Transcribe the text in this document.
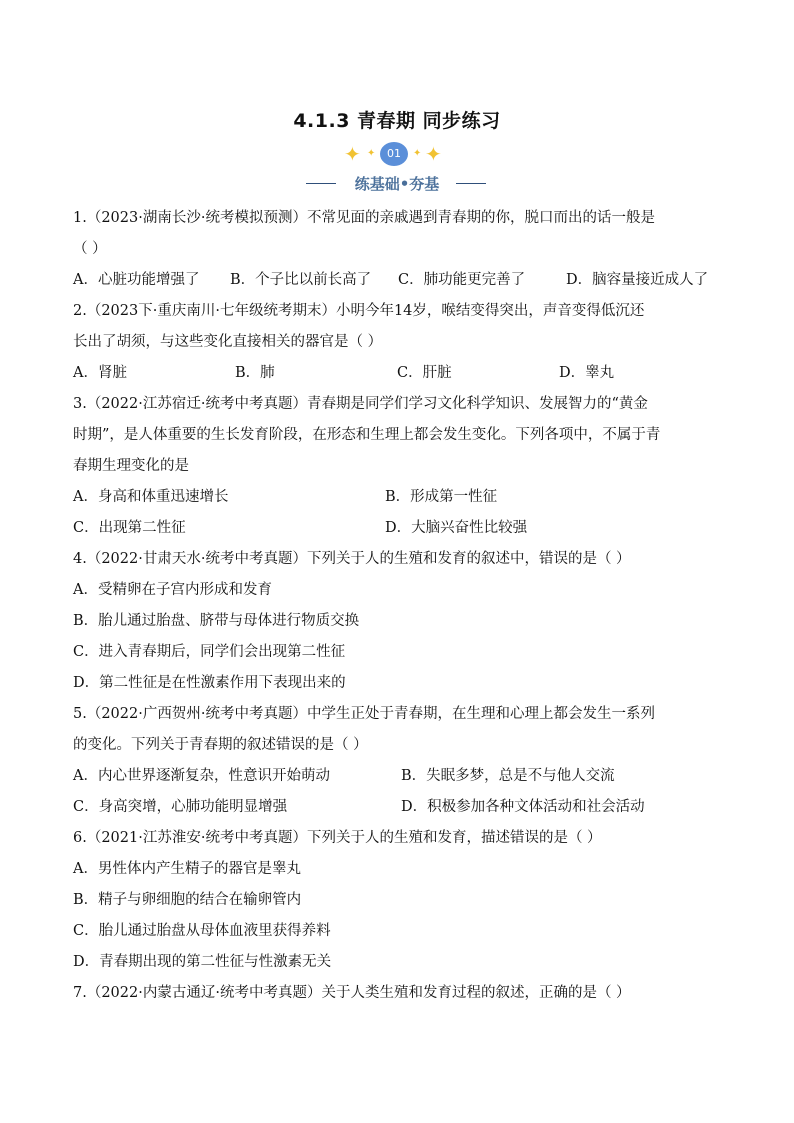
4.1.3 青春期 同步练习
✦ ✦	01	✦ ✦
练基础•夯基
1.（2023·湖南长沙·统考模拟预测）不常见面的亲戚遇到青春期的你，脱口而出的话一般是
（ ）
A．心脏功能增强了	B．个子比以前长高了	C．肺功能更完善了	D．脑容量接近成人了
2.（2023下·重庆南川·七年级统考期末）小明今年14岁，喉结变得突出，声音变得低沉还
长出了胡须，与这些变化直接相关的器官是（ ）
A．肾脏	B．肺	C．肝脏	D．睾丸
3.（2022·江苏宿迁·统考中考真题）青春期是同学们学习文化科学知识、发展智力的“黄金
时期”，是人体重要的生长发育阶段，在形态和生理上都会发生变化。下列各项中，不属于青
春期生理变化的是
A．身高和体重迅速增长	B．形成第一性征
C．出现第二性征	D．大脑兴奋性比较强
4.（2022·甘肃天水·统考中考真题）下列关于人的生殖和发育的叙述中，错误的是（ ）
A．受精卵在子宫内形成和发育
B．胎儿通过胎盘、脐带与母体进行物质交换
C．进入青春期后，同学们会出现第二性征
D．第二性征是在性激素作用下表现出来的
5.（2022·广西贺州·统考中考真题）中学生正处于青春期，在生理和心理上都会发生一系列
的变化。下列关于青春期的叙述错误的是（ ）
A．内心世界逐渐复杂，性意识开始萌动	B．失眠多梦，总是不与他人交流
C．身高突增，心肺功能明显增强	D．积极参加各种文体活动和社会活动
6.（2021·江苏淮安·统考中考真题）下列关于人的生殖和发育，描述错误的是（ ）
A．男性体内产生精子的器官是睾丸
B．精子与卵细胞的结合在输卵管内
C．胎儿通过胎盘从母体血液里获得养料
D．青春期出现的第二性征与性激素无关
7.（2022·内蒙古通辽·统考中考真题）关于人类生殖和发育过程的叙述，正确的是（ ）
